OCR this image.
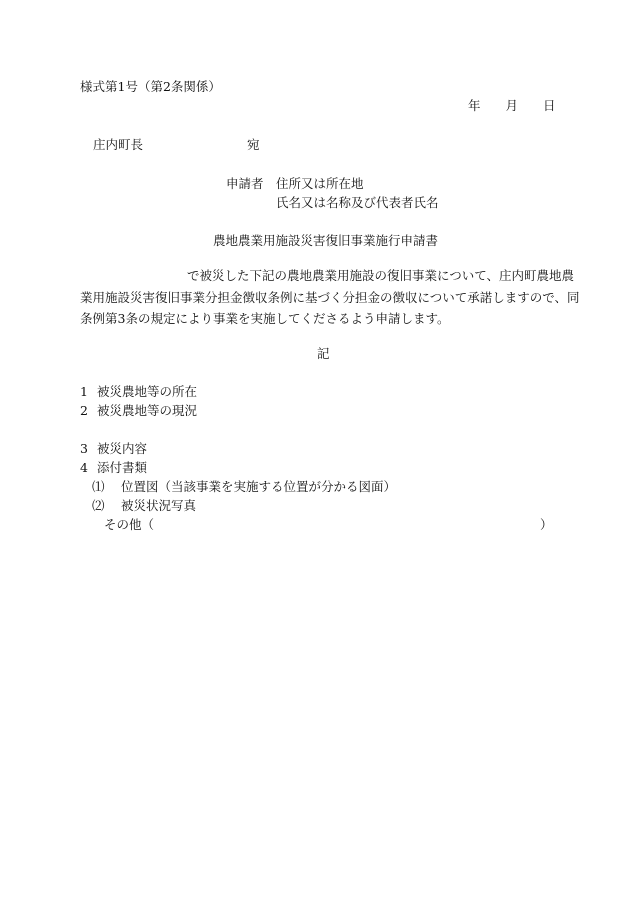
様式第1号（第2条関係）
年 月 日
庄内町長	宛
申請者 住所又は所在地
氏名又は名称及び代表者氏名
農地農業用施設災害復旧事業施行申請書
で被災した下記の農地農業用施設の復旧事業について、庄内町農地農
業用施設災害復旧事業分担金徴収条例に基づく分担金の徴収について承諾しますので、同
条例第3条の規定により事業を実施してくださるよう申請します。
記
1 被災農地等の所在
2 被災農地等の現況
3 被災内容
4 添付書類
⑴ 位置図（当該事業を実施する位置が分かる図面）
⑵ 被災状況写真
その他（	）
